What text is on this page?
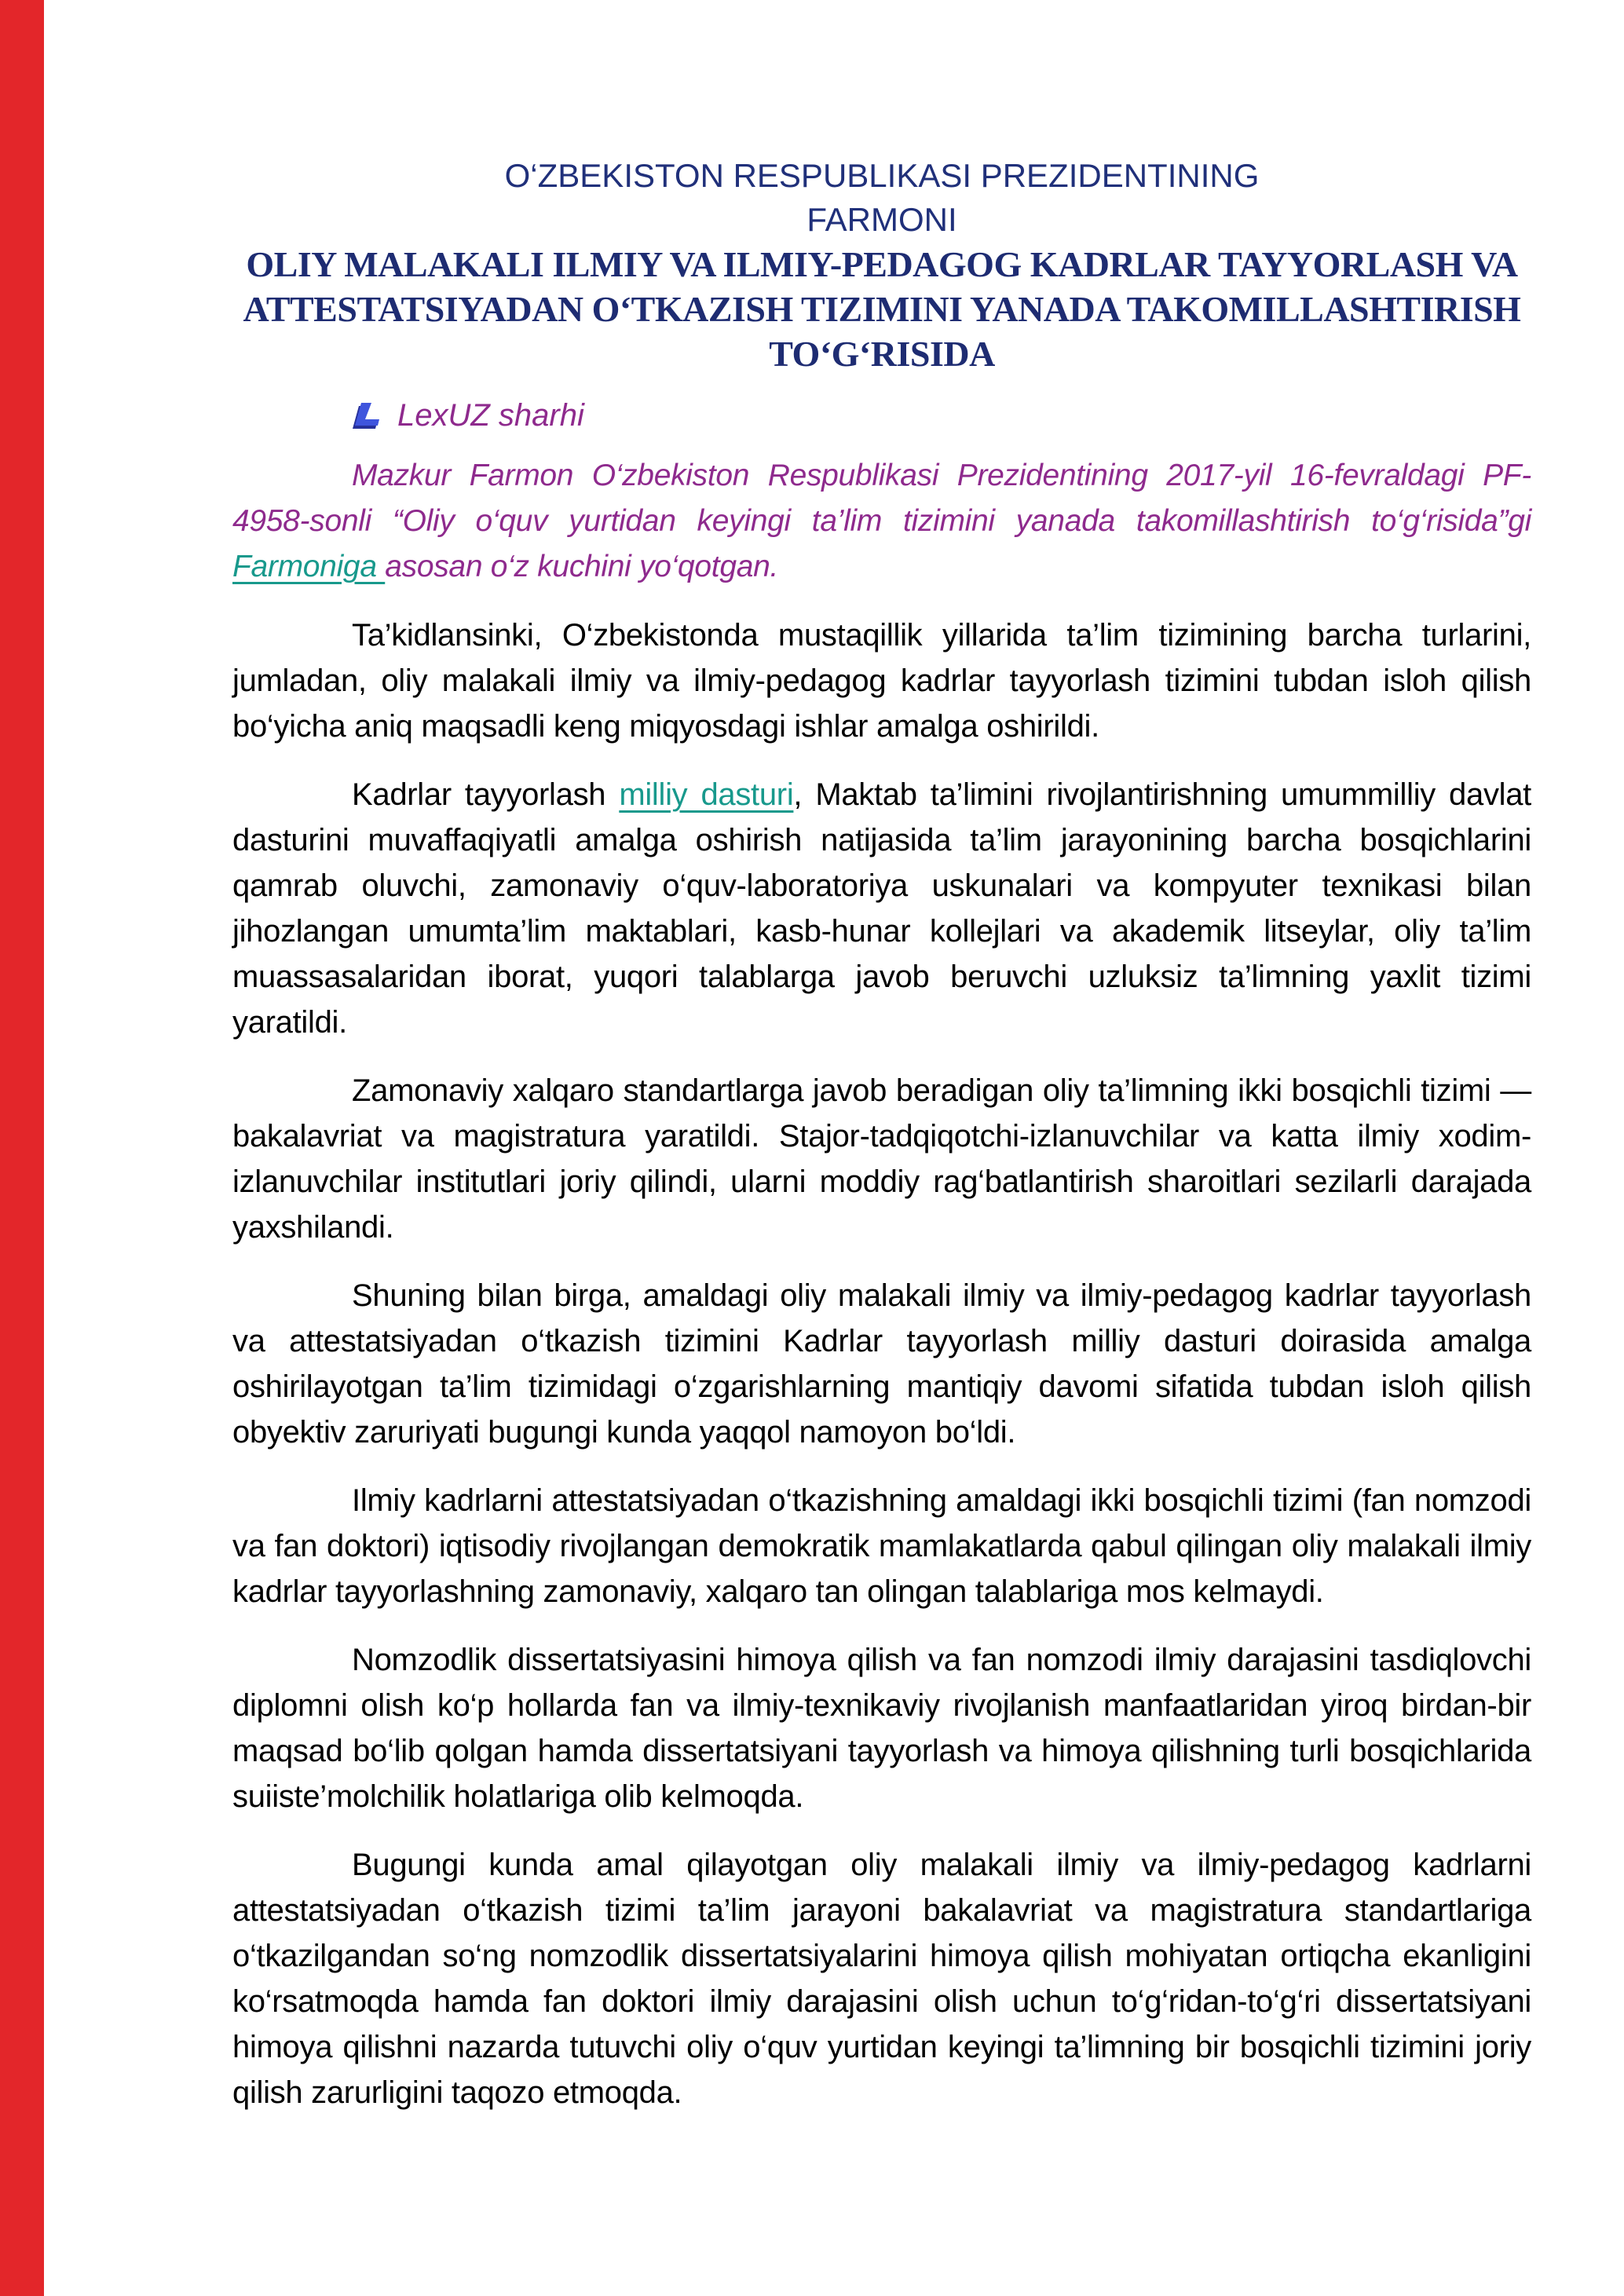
O‘ZBEKISTON RESPUBLIKASI PREZIDENTINING
FARMONI
OLIY MALAKALI ILMIY VA ILMIY-PEDAGOG KADRLAR TAYYORLASH VA ATTESTATSIYADAN O‘TKAZISH TIZIMINI YANADA TAKOMILLASHTIRISH TO‘G‘RISIDA
LexUZ sharhi

Mazkur Farmon O‘zbekiston Respublikasi Prezidentining 2017-yil 16-fevraldagi PF-4958-sonli “Oliy o‘quv yurtidan keyingi ta’lim tizimini yanada takomillashtirish to‘g‘risida”gi Farmoniga asosan o‘z kuchini yo‘qotgan.

Ta’kidlansinki, O‘zbekistonda mustaqillik yillarida ta’lim tizimining barcha turlarini, jumladan, oliy malakali ilmiy va ilmiy-pedagog kadrlar tayyorlash tizimini tubdan isloh qilish bo‘yicha aniq maqsadli keng miqyosdagi ishlar amalga oshirildi.

Kadrlar tayyorlash milliy dasturi, Maktab ta’limini rivojlantirishning umummilliy davlat dasturini muvaffaqiyatli amalga oshirish natijasida ta’lim jarayonining barcha bosqichlarini qamrab oluvchi, zamonaviy o‘quv-laboratoriya uskunalari va kompyuter texnikasi bilan jihozlangan umumta’lim maktablari, kasb-hunar kollejlari va akademik litseylar, oliy ta’lim muassasalaridan iborat, yuqori talablarga javob beruvchi uzluksiz ta’limning yaxlit tizimi yaratildi.

Zamonaviy xalqaro standartlarga javob beradigan oliy ta’limning ikki bosqichli tizimi — bakalavriat va magistratura yaratildi. Stajor-tadqiqotchi-izlanuvchilar va katta ilmiy xodim-izlanuvchilar institutlari joriy qilindi, ularni moddiy rag‘batlantirish sharoitlari sezilarli darajada yaxshilandi.

Shuning bilan birga, amaldagi oliy malakali ilmiy va ilmiy-pedagog kadrlar tayyorlash va attestatsiyadan o‘tkazish tizimini Kadrlar tayyorlash milliy dasturi doirasida amalga oshirilayotgan ta’lim tizimidagi o‘zgarishlarning mantiqiy davomi sifatida tubdan isloh qilish obyektiv zaruriyati bugungi kunda yaqqol namoyon bo‘ldi.

Ilmiy kadrlarni attestatsiyadan o‘tkazishning amaldagi ikki bosqichli tizimi (fan nomzodi va fan doktori) iqtisodiy rivojlangan demokratik mamlakatlarda qabul qilingan oliy malakali ilmiy kadrlar tayyorlashning zamonaviy, xalqaro tan olingan talablariga mos kelmaydi.

Nomzodlik dissertatsiyasini himoya qilish va fan nomzodi ilmiy darajasini tasdiqlovchi diplomni olish ko‘p hollarda fan va ilmiy-texnikaviy rivojlanish manfaatlaridan yiroq birdan-bir maqsad bo‘lib qolgan hamda dissertatsiyani tayyorlash va himoya qilishning turli bosqichlarida suiiste’molchilik holatlariga olib kelmoqda.

Bugungi kunda amal qilayotgan oliy malakali ilmiy va ilmiy-pedagog kadrlarni attestatsiyadan o‘tkazish tizimi ta’lim jarayoni bakalavriat va magistratura standartlariga o‘tkazilgandan so‘ng nomzodlik dissertatsiyalarini himoya qilish mohiyatan ortiqcha ekanligini ko‘rsatmoqda hamda fan doktori ilmiy darajasini olish uchun to‘g‘ridan-to‘g‘ri dissertatsiyani himoya qilishni nazarda tutuvchi oliy o‘quv yurtidan keyingi ta’limning bir bosqichli tizimini joriy qilish zarurligini taqozo etmoqda.
